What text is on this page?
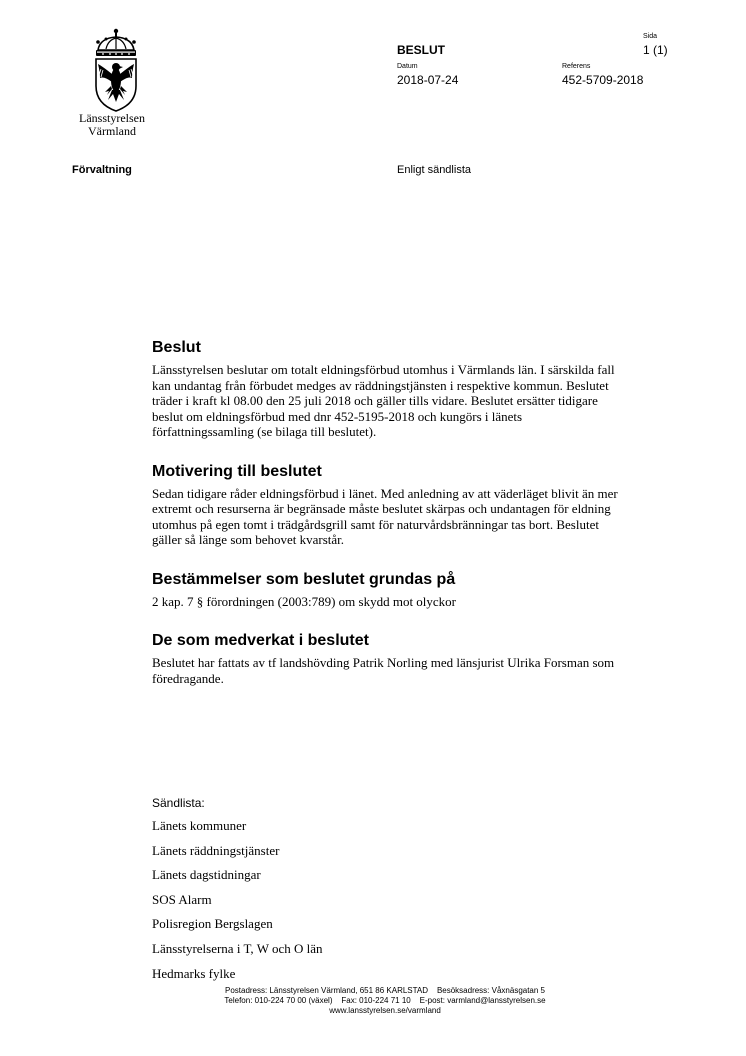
Länsstyrelsen
Värmland
Sida
1 (1)
BESLUT
Datum
2018-07-24
Referens
452-5709-2018
Förvaltning	Enligt sändlista
Beslut

Länsstyrelsen beslutar om totalt eldningsförbud utomhus i Värmlands län. I särskilda fall kan undantag från förbudet medges av räddningstjänsten i respektive kommun. Beslutet träder i kraft kl 08.00 den 25 juli 2018 och gäller tills vidare. Beslutet ersätter tidigare beslut om eldningsförbud med dnr 452-5195-2018 och kungörs i länets författningssamling (se bilaga till beslutet).

Motivering till beslutet

Sedan tidigare råder eldningsförbud i länet. Med anledning av att väderläget blivit än mer extremt och resurserna är begränsade måste beslutet skärpas och undantagen för eldning utomhus på egen tomt i trädgårdsgrill samt för naturvårdsbränningar tas bort. Beslutet gäller så länge som behovet kvarstår.

Bestämmelser som beslutet grundas på

2 kap. 7 § förordningen (2003:789) om skydd mot olyckor

De som medverkat i beslutet

Beslutet har fattats av tf landshövding Patrik Norling med länsjurist Ulrika Forsman som föredragande.

Sändlista:
Länets kommuner
Länets räddningstjänster
Länets dagstidningar
SOS Alarm
Polisregion Bergslagen
Länsstyrelserna i T, W och O län
Hedmarks fylke
Postadress: Länsstyrelsen Värmland, 651 86 KARLSTAD    Besöksadress: Våxnäsgatan 5
Telefon: 010-224 70 00 (växel)    Fax: 010-224 71 10    E-post: varmland@lansstyrelsen.se
www.lansstyrelsen.se/varmland
